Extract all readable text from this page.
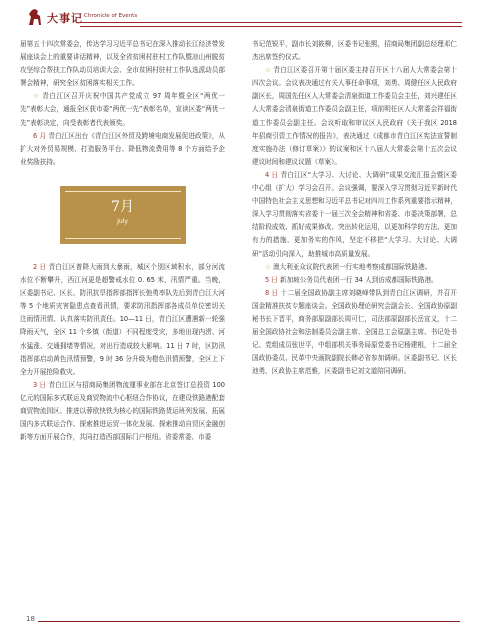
大事记 Chronicle of Events

届第五十四次常委会，传达学习习近平总书记在深入推动长江经济带发展座谈会上的重要讲话精神，以及全省贫困村驻村工作队暨凉山州脱贫攻坚综合帮扶工作队动员培训大会、全市贫困村驻村工作队选派动员部署会精神，研究全区贫困落实相关工作。

☆ 青白江区召开庆祝中国共产党成立 97 周年暨全区“两优一先”表彰大会，通报全区获市委“两优一先”表彰名单，宣读区委“两优一先”表彰决定，向受表彰者代表颁奖。

6 月 青白江区出台《青白江区外贸及跨境电商发展促进政策》，从扩大对外贸易规模、打造服务平台、降低物流费用等 8 个方面给予企业奖励扶持。

7月
July

2 日 青白江区普降大雨到大暴雨，城区个别区域积水，部分河流水位不断攀升，西江河更是超警戒水位 0. 65 米，汛情严重。当晚，区委副书记、区长、防汛抗旱指挥部指挥长弛勇率队先后到青白江大河等 5 个地质灾害隐患点查看汛情，要求防汛指挥部各成员单位密切关注雨情汛情、认真落实防汛责任。10—11 日，青白江区遭遇新一轮强降雨天气，全区 11 个乡镇（街道）不同程度受灾，多地出现内涝、河水猛涨、交通拥堵等情况，对出行造成较大影响。11 日 7 时，区防汛指挥部启动黄色汛情预警，9 时 36 分升级为橙色汛情预警，全区上下全力开展抢险救灾。

3 日 青白江区与招商局集团物流運事业部在北京签订总投资 100 亿元的国际多式联运及商贸物流中心枢纽合作协议，在建设铁路港配套商贸物流园区、推进以蓉欧快铁为核心的国际铁路货运班列发展、拓展国内多式联运合作、探索推进运贸一体化发展、探索推动自贸区金融创新等方面开展合作，共同打造西部国际门户枢纽。省委常委、市委

书记范锐平，副市长刘筱柳，区委书记张熙，招商局集团副总经理邓仁杰出席签约仪式。

☆ 青白江区委召开第十届区委主持召开区十八届人大常委会第十四次会议。会议表决通过有关人事任命事项，刘勇、周健任区人民政府副区长，周国先任区人大常委会清泉街道工作委员会主任，刘兴建任区人大常委会清泉街道工作委员会副主任，项前明任区人大常委会祥福街道工作委员会副主任。会议听取和审议区人民政府《关于我区 2018 年招商引资工作情况的报告》，表决通过《成都市青白江区宪法宣誓制度实施办法（修订草案）》的议案和区十八届人大常委会第十五次会议建议时间和建议议题（草案）。

4 日 青白江区“大学习、大讨论、大调研”成果交流汇报会暨区委中心组（扩大）学习会召开。会议强调，要深入学习贯彻习近平新时代中国特色社会主义思想和习近平总书记对四川工作系列重要指示精神，深入学习贯彻落实省委十一届三次全会精神和省委、市委决策部署，总结阶段成效、抓好成果修改、突出转化运用，以更加科学的方法、更加有力的措施、更加务实的作风，坚定不移把“大学习、大讨论、大调研”活动引向深入，助推城市高质量发展。

☆ 澳大利亚众议院代表团一行实地考察成都国际铁路港。

5 日 新加坡公务员代表团一行 34 人到访成都国际铁路港。

8 日 十二届全国政协副主席刘晓峰带队到青白江区调研，并召开国金精准扶贫专题座谈会。全国政协理论研究会副会长、全国政协原副秘书长下晋平，商务部原副部长周可仁，司法部原副部长岳宣义，十二届全国政协社会和法制委员会副主席、全国总工会原副主席、书记处书记、党组成员张世平，中组部机关事务局原党委书记杨建根，十二届全国政协委员、民革中央画院副院长韩必省参加调研。区委副书记、区长池勇，区政协主席范雅，区委副书记刘文道陪同调研。

18
